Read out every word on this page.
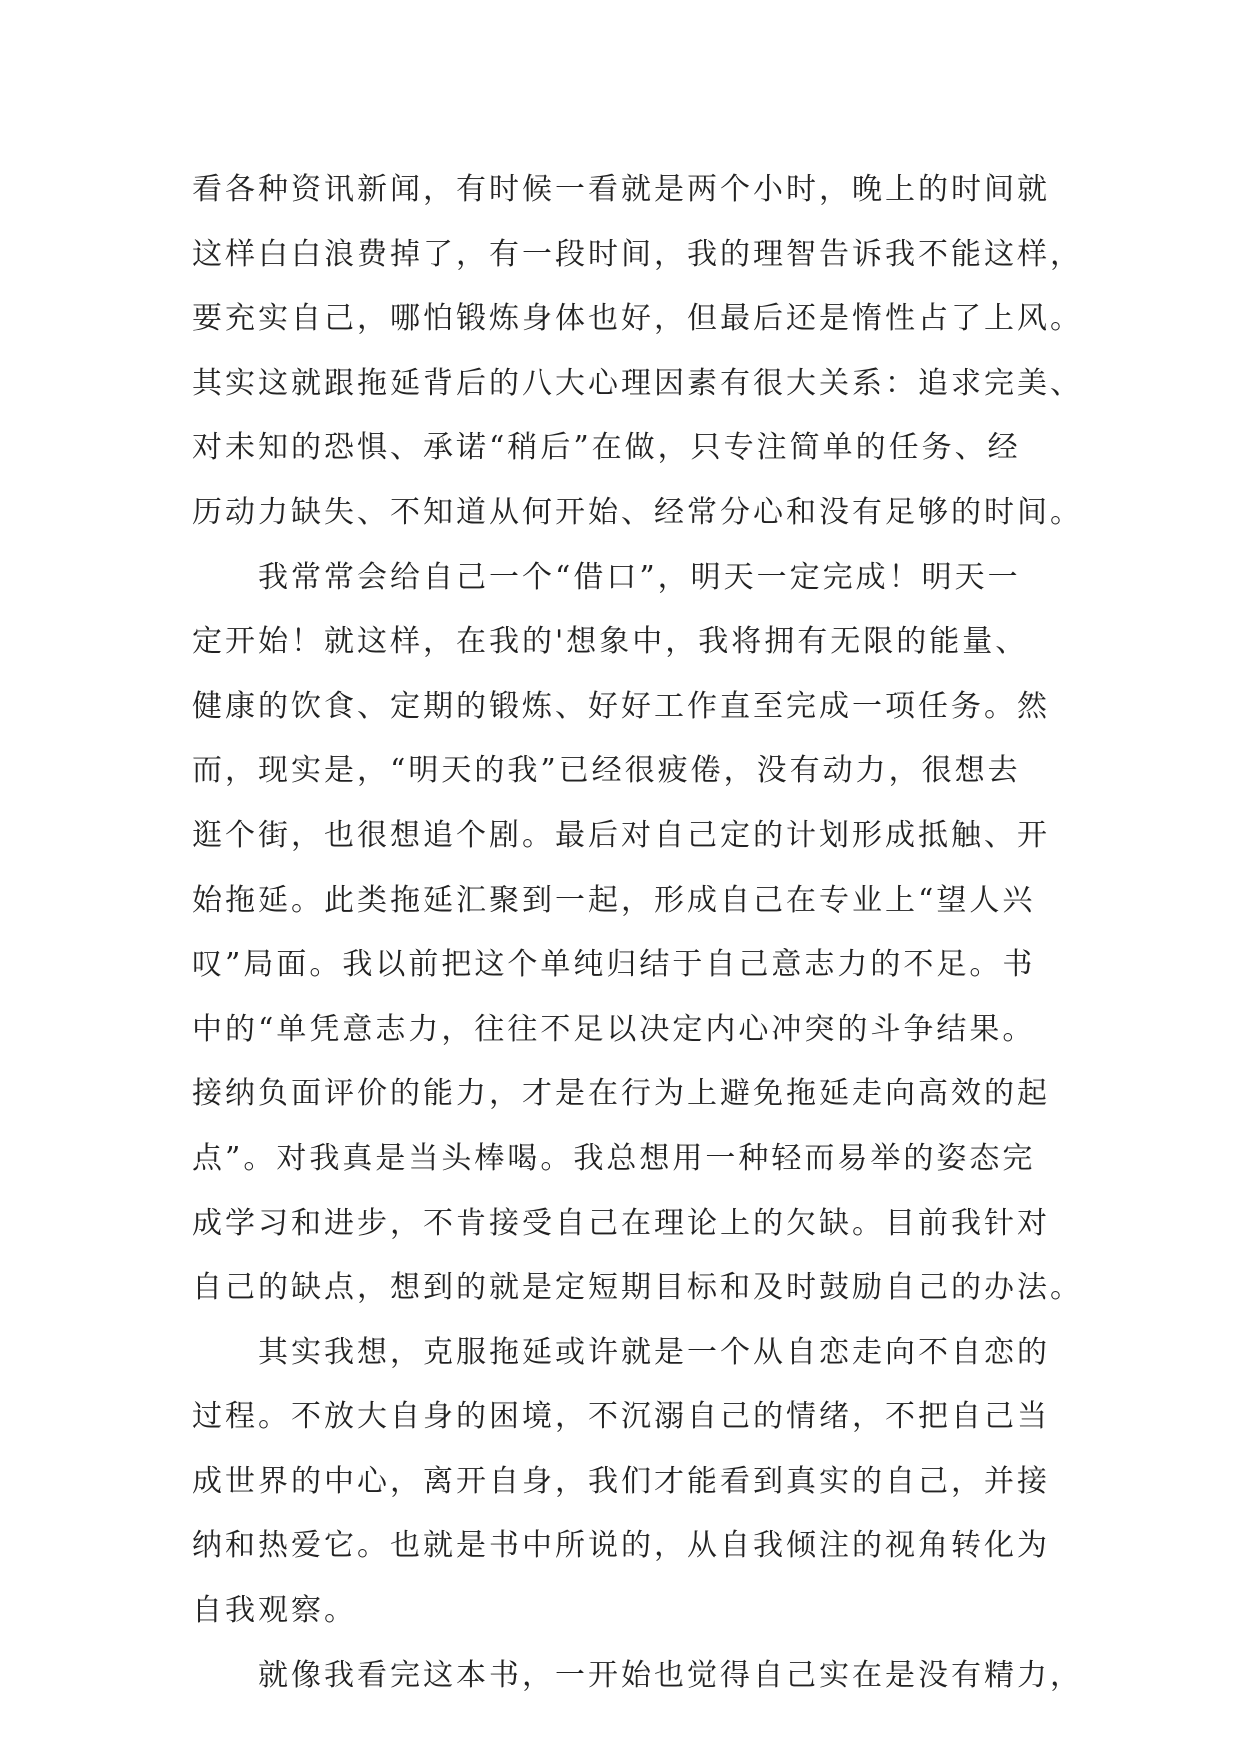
看各种资讯新闻，有时候一看就是两个小时，晚上的时间就
这样白白浪费掉了，有一段时间，我的理智告诉我不能这样，
要充实自己，哪怕锻炼身体也好，但最后还是惰性占了上风。
其实这就跟拖延背后的八大心理因素有很大关系：追求完美、
对未知的恐惧、承诺“稍后”在做，只专注简单的任务、经
历动力缺失、不知道从何开始、经常分心和没有足够的时间。
我常常会给自己一个“借口”，明天一定完成！明天一
定开始！就这样，在我的'想象中，我将拥有无限的能量、
健康的饮食、定期的锻炼、好好工作直至完成一项任务。然
而，现实是，“明天的我”已经很疲倦，没有动力，很想去
逛个街，也很想追个剧。最后对自己定的计划形成抵触、开
始拖延。此类拖延汇聚到一起，形成自己在专业上“望人兴
叹”局面。我以前把这个单纯归结于自己意志力的不足。书
中的“单凭意志力，往往不足以决定内心冲突的斗争结果。
接纳负面评价的能力，才是在行为上避免拖延走向高效的起
点”。对我真是当头棒喝。我总想用一种轻而易举的姿态完
成学习和进步，不肯接受自己在理论上的欠缺。目前我针对
自己的缺点，想到的就是定短期目标和及时鼓励自己的办法。
其实我想，克服拖延或许就是一个从自恋走向不自恋的
过程。不放大自身的困境，不沉溺自己的情绪，不把自己当
成世界的中心，离开自身，我们才能看到真实的自己，并接
纳和热爱它。也就是书中所说的，从自我倾注的视角转化为
自我观察。
就像我看完这本书，一开始也觉得自己实在是没有精力，
